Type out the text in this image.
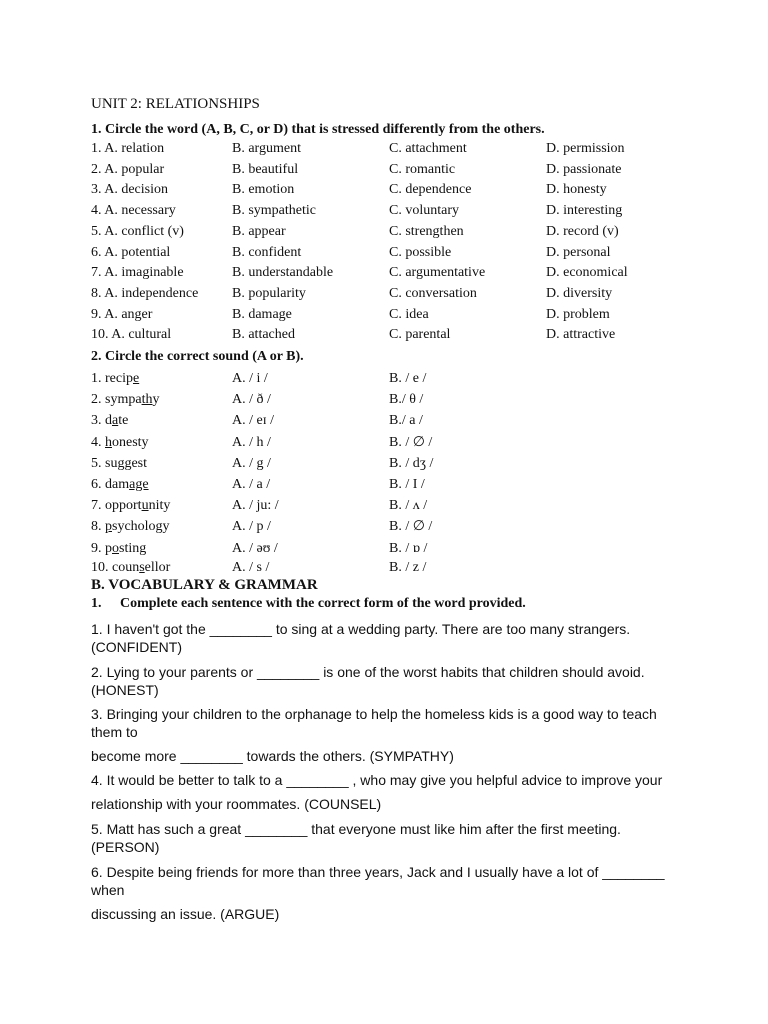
UNIT 2: RELATIONSHIPS
1. Circle the word (A, B, C, or D) that is stressed differently from the others.
1. A. relation	B. argument	C. attachment	D. permission
2. A. popular	B. beautiful	C. romantic	D. passionate
3. A. decision	B. emotion	C. dependence	D. honesty
4. A. necessary	B. sympathetic	C. voluntary	D. interesting
5. A. conflict (v)	B. appear	C. strengthen	D. record (v)
6. A. potential	B. confident	C. possible	D. personal
7. A. imaginable	B. understandable	C. argumentative	D. economical
8. A. independence B. popularity	C. conversation	D. diversity
9. A. anger	B. damage	C. idea	D. problem
10. A. cultural	B. attached	C. parental	D. attractive
2. Circle the correct sound (A or B).
1. recipe	A. / i /	B. / e /
2. sympathy	A. / ð /	B./ θ /
3. date	A. / eɪ /	B./ a /
4. honesty	A. / h /	B. / ∅ /
5. suggest	A. / g /	B. / dʒ /
6. damage	A. / a /	B. / I /
7. opportunity	A. / ju: /	B. / ʌ /
8. psychology	A. / p /	B. / ∅ /
9. posting	A. / əʊ /	B. / ɒ /
10. counsellor	A. / s /	B. / z /
B. VOCABULARY & GRAMMAR
1. Complete each sentence with the correct form of the word provided.
1. I haven't got the ________ to sing at a wedding party. There are too many strangers. (CONFIDENT)
2. Lying to your parents or ________ is one of the worst habits that children should avoid. (HONEST)
3. Bringing your children to the orphanage to help the homeless kids is a good way to teach them to
become more ________ towards the others. (SYMPATHY)
4. It would be better to talk to a ________ , who may give you helpful advice to improve your
relationship with your roommates. (COUNSEL)
5. Matt has such a great ________ that everyone must like him after the first meeting. (PERSON)
6. Despite being friends for more than three years, Jack and I usually have a lot of ________ when
discussing an issue. (ARGUE)
